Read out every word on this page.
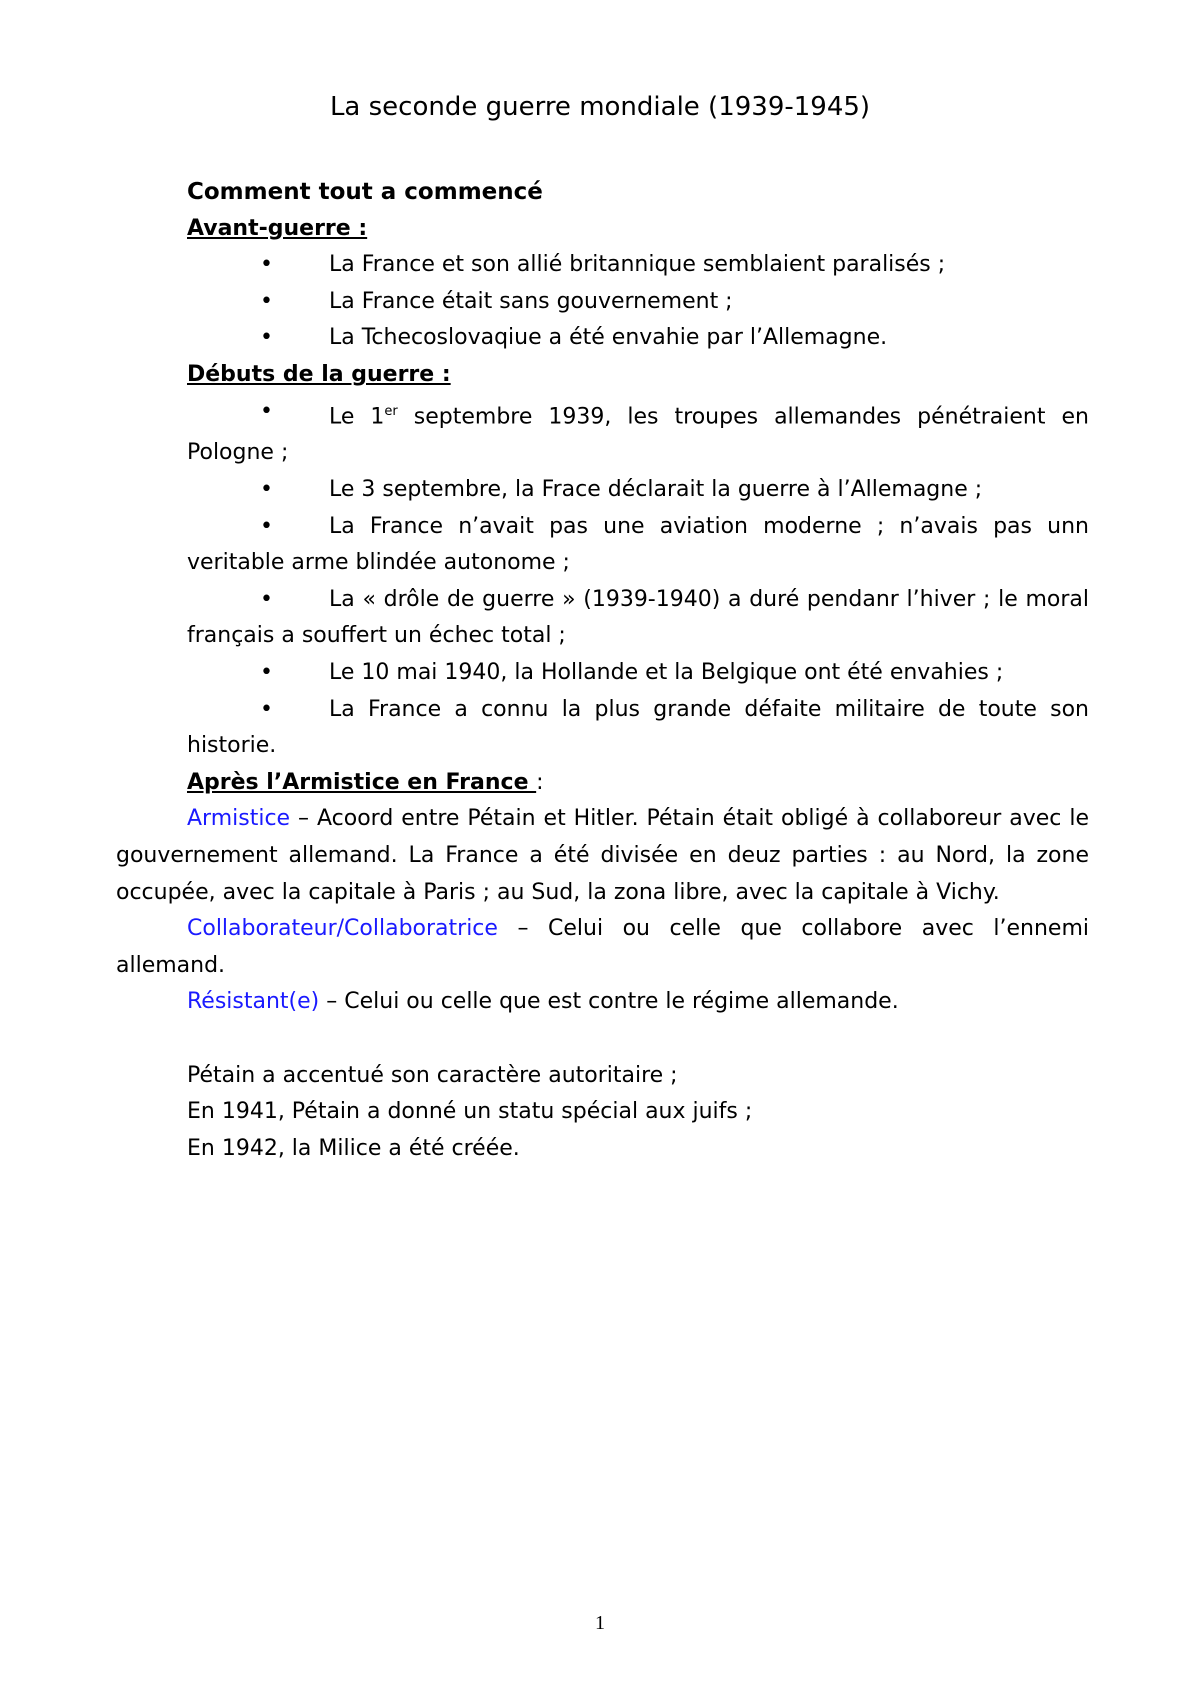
La seconde guerre mondiale (1939-1945)

Comment tout a commencé

Avant-guerre :

•	La France et son allié britannique semblaient paralisés ;

•	La France était sans gouvernement ;

•	La Tchecoslovaqiue a été envahie par l’Allemagne.

Débuts de la guerre :

•	Le 1er septembre 1939, les troupes allemandes pénétraient en Pologne ;

•	Le 3 septembre, la Frace déclarait la guerre à l’Allemagne ;

•	La France n’avait pas une aviation moderne ; n’avais pas unn veritable arme blindée autonome ;

•	La « drôle de guerre » (1939-1940) a duré pendanr l’hiver ; le moral français a souffert un échec total ;

•	Le 10 mai 1940, la Hollande et la Belgique ont été envahies ;

•	La France a connu la plus grande défaite militaire de toute son historie.

Après l’Armistice en France :

Armistice – Acoord entre Pétain et Hitler. Pétain était obligé à collaboreur avec le gouvernement allemand. La France a été divisée en deuz parties : au Nord, la zone occupée, avec la capitale à Paris ; au Sud, la zona libre, avec la capitale à Vichy.

Collaborateur/Collaboratrice – Celui ou celle que collabore avec l’ennemi allemand.

Résistant(e) – Celui ou celle que est contre le régime allemande.

Pétain a accentué son caractère autoritaire ;

En 1941, Pétain a donné un statu spécial aux juifs ;

En 1942, la Milice a été créée.

1
